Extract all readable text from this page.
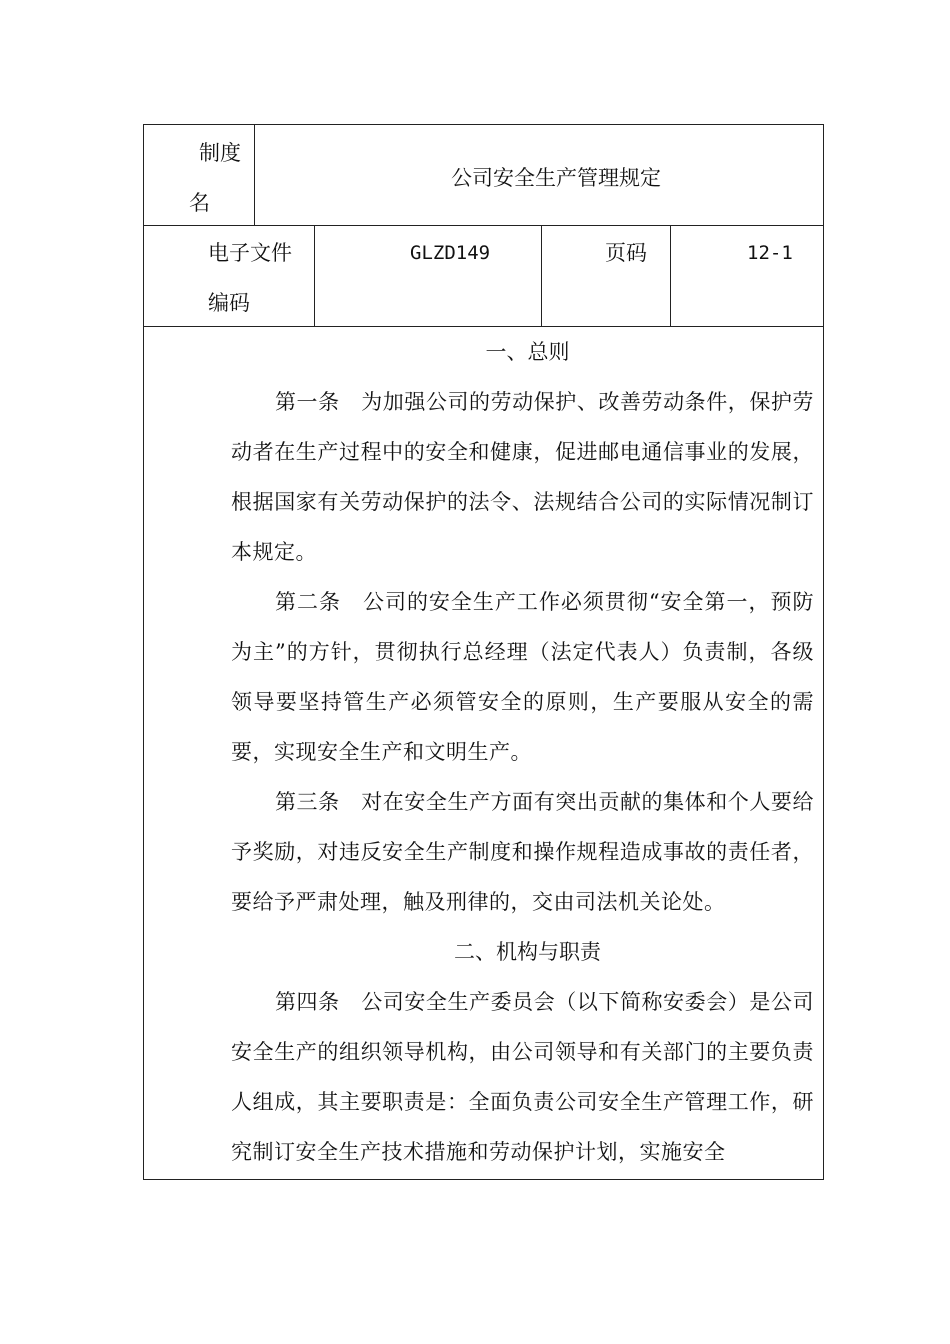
制度
名
公司安全生产管理规定
电子文件
编码
GLZD149	页码	12-1

一、总则

第一条　为加强公司的劳动保护、改善劳动条件，保护劳动者在生产过程中的安全和健康，促进邮电通信事业的发展，根据国家有关劳动保护的法令、法规结合公司的实际情况制订本规定。

第二条　公司的安全生产工作必须贯彻“安全第一，预防为主”的方针，贯彻执行总经理（法定代表人）负责制，各级领导要坚持管生产必须管安全的原则，生产要服从安全的需要，实现安全生产和文明生产。

第三条　对在安全生产方面有突出贡献的集体和个人要给予奖励，对违反安全生产制度和操作规程造成事故的责任者，要给予严肃处理，触及刑律的，交由司法机关论处。

二、机构与职责

第四条　公司安全生产委员会（以下简称安委会）是公司安全生产的组织领导机构，由公司领导和有关部门的主要负责人组成，其主要职责是：全面负责公司安全生产管理工作，研究制订安全生产技术措施和劳动保护计划，实施安全
